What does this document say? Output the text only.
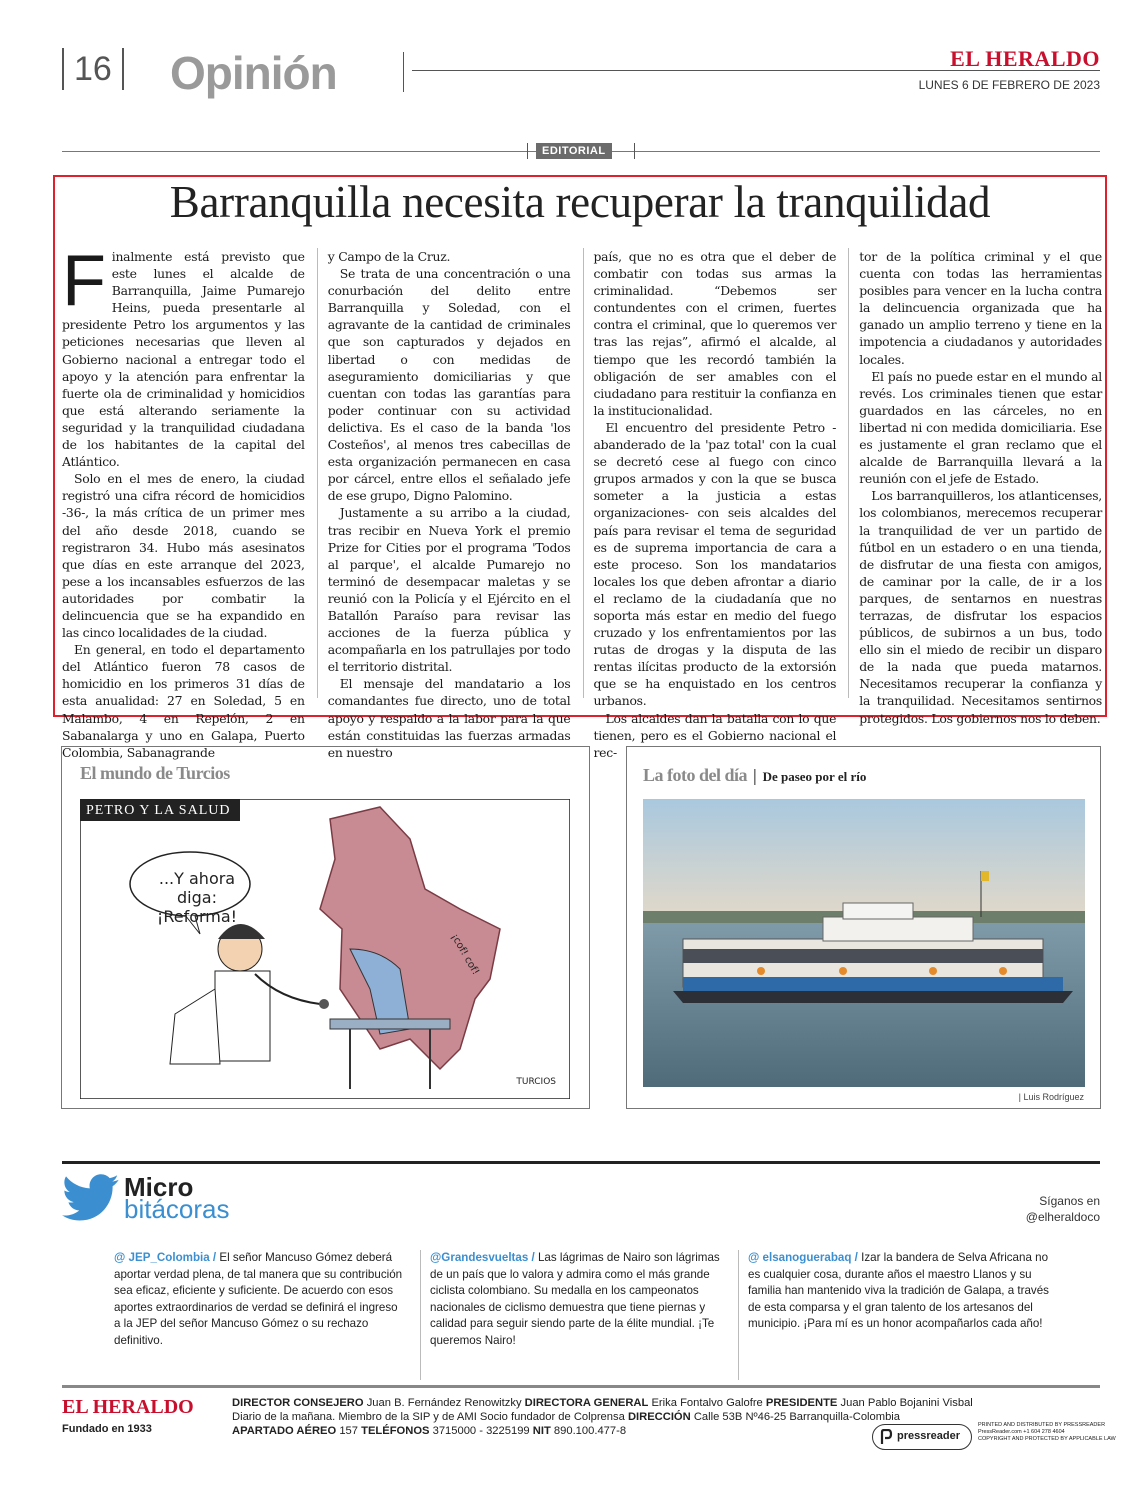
16 Opinión	EL HERALDO
LUNES 6 DE FEBRERO DE 2023
EDITORIAL
Barranquilla necesita recuperar la tranquilidad

Finalmente está previsto que este lunes el alcalde de Barranquilla, Jaime Pumarejo Heins, pueda presentarle al presidente Petro los argumentos y las peticiones necesarias que lleven al Gobierno nacional a entregar todo el apoyo y la atención para enfrentar la fuerte ola de criminalidad y homicidios que está alterando seriamente la seguridad y la tranquilidad ciudadana de los habitantes de la capital del Atlántico.

Solo en el mes de enero, la ciudad registró una cifra récord de homicidios -36-, la más crítica de un primer mes del año desde 2018, cuando se registraron 34. Hubo más asesinatos que días en este arranque del 2023, pese a los incansables esfuerzos de las autoridades por combatir la delincuencia que se ha expandido en las cinco localidades de la ciudad.

En general, en todo el departamento del Atlántico fueron 78 casos de homicidio en los primeros 31 días de esta anualidad: 27 en Soledad, 5 en Malambo, 4 en Repelón, 2 en Sabanalarga y uno en Galapa, Puerto Colombia, Sabanagrande

y Campo de la Cruz.

Se trata de una concentración o una conurbación del delito entre Barranquilla y Soledad, con el agravante de la cantidad de criminales que son capturados y dejados en libertad o con medidas de aseguramiento domiciliarias y que cuentan con todas las garantías para poder continuar con su actividad delictiva. Es el caso de la banda 'los Costeños', al menos tres cabecillas de esta organización permanecen en casa por cárcel, entre ellos el señalado jefe de ese grupo, Digno Palomino.

Justamente a su arribo a la ciudad, tras recibir en Nueva York el premio Prize for Cities por el programa 'Todos al parque', el alcalde Pumarejo no terminó de desempacar maletas y se reunió con la Policía y el Ejército en el Batallón Paraíso para revisar las acciones de la fuerza pública y acompañarla en los patrullajes por todo el territorio distrital.

El mensaje del mandatario a los comandantes fue directo, uno de total apoyo y respaldo a la labor para la que están constituidas las fuerzas armadas en nuestro

país, que no es otra que el deber de combatir con todas sus armas la criminalidad. “Debemos ser contundentes con el crimen, fuertes contra el criminal, que lo queremos ver tras las rejas”, afirmó el alcalde, al tiempo que les recordó también la obligación de ser amables con el ciudadano para restituir la confianza en la institucionalidad.

El encuentro del presidente Petro -abanderado de la 'paz total' con la cual se decretó cese al fuego con cinco grupos armados y con la que se busca someter a la justicia a estas organizaciones- con seis alcaldes del país para revisar el tema de seguridad es de suprema importancia de cara a este proceso. Son los mandatarios locales los que deben afrontar a diario el reclamo de la ciudadanía que no soporta más estar en medio del fuego cruzado y los enfrentamientos por las rutas de drogas y la disputa de las rentas ilícitas producto de la extorsión que se ha enquistado en los centros urbanos.

Los alcaldes dan la batalla con lo que tienen, pero es el Gobierno nacional el rec-

tor de la política criminal y el que cuenta con todas las herramientas posibles para vencer en la lucha contra la delincuencia organizada que ha ganado un amplio terreno y tiene en la impotencia a ciudadanos y autoridades locales.

El país no puede estar en el mundo al revés. Los criminales tienen que estar guardados en las cárceles, no en libertad ni con medida domiciliaria. Ese es justamente el gran reclamo que el alcalde de Barranquilla llevará a la reunión con el jefe de Estado.

Los barranquilleros, los atlanticenses, los colombianos, merecemos recuperar la tranquilidad de ver un partido de fútbol en un estadero o en una tienda, de disfrutar de una fiesta con amigos, de caminar por la calle, de ir a los parques, de sentarnos en nuestras terrazas, de disfrutar los espacios públicos, de subirnos a un bus, todo ello sin el miedo de recibir un disparo de la nada que pueda matarnos. Necesitamos recuperar la confianza y la tranquilidad. Necesitamos sentirnos protegidos. Los gobiernos nos lo deben.

El mundo de Turcios
PETRO Y LA SALUD
...Y ahora diga:
¡Reforma!
¡cof! cof!
TURCIOS
La foto del día | De paseo por el río
| Luis Rodríguez
Micro
bitácoras	Síganos en
@elheraldoco
@ JEP_Colombia / El señor Mancuso Gómez deberá aportar verdad plena, de tal manera que su contribución sea eficaz, eficiente y suficiente. De acuerdo con esos aportes extraordinarios de verdad se definirá el ingreso a la JEP del señor Mancuso Gómez o su rechazo definitivo.
@Grandesvueltas / Las lágrimas de Nairo son lágrimas de un país que lo valora y admira como el más grande ciclista colombiano. Su medalla en los campeonatos nacionales de ciclismo demuestra que tiene piernas y calidad para seguir siendo parte de la élite mundial. ¡Te queremos Nairo!
@ elsanoguerabaq / Izar la bandera de Selva Africana no es cualquier cosa, durante años el maestro Llanos y su familia han mantenido viva la tradición de Galapa, a través de esta comparsa y el gran talento de los artesanos del municipio. ¡Para mí es un honor acompañarlos cada año!
EL HERALDO
Fundado en 1933
DIRECTOR CONSEJERO Juan B. Fernández Renowitzky DIRECTORA GENERAL Erika Fontalvo Galofre PRESIDENTE Juan Pablo Bojanini Visbal
Diario de la mañana. Miembro de la SIP y de AMI Socio fundador de Colprensa DIRECCIÓN Calle 53B Nº46-25 Barranquilla-Colombia
APARTADO AÉREO 157 TELÉFONOS 3715000 - 3225199 NIT 890.100.477-8	pressreader
PRINTED AND DISTRIBUTED BY PRESSREADER
PressReader.com +1 604 278 4604
COPYRIGHT AND PROTECTED BY APPLICABLE LAW
